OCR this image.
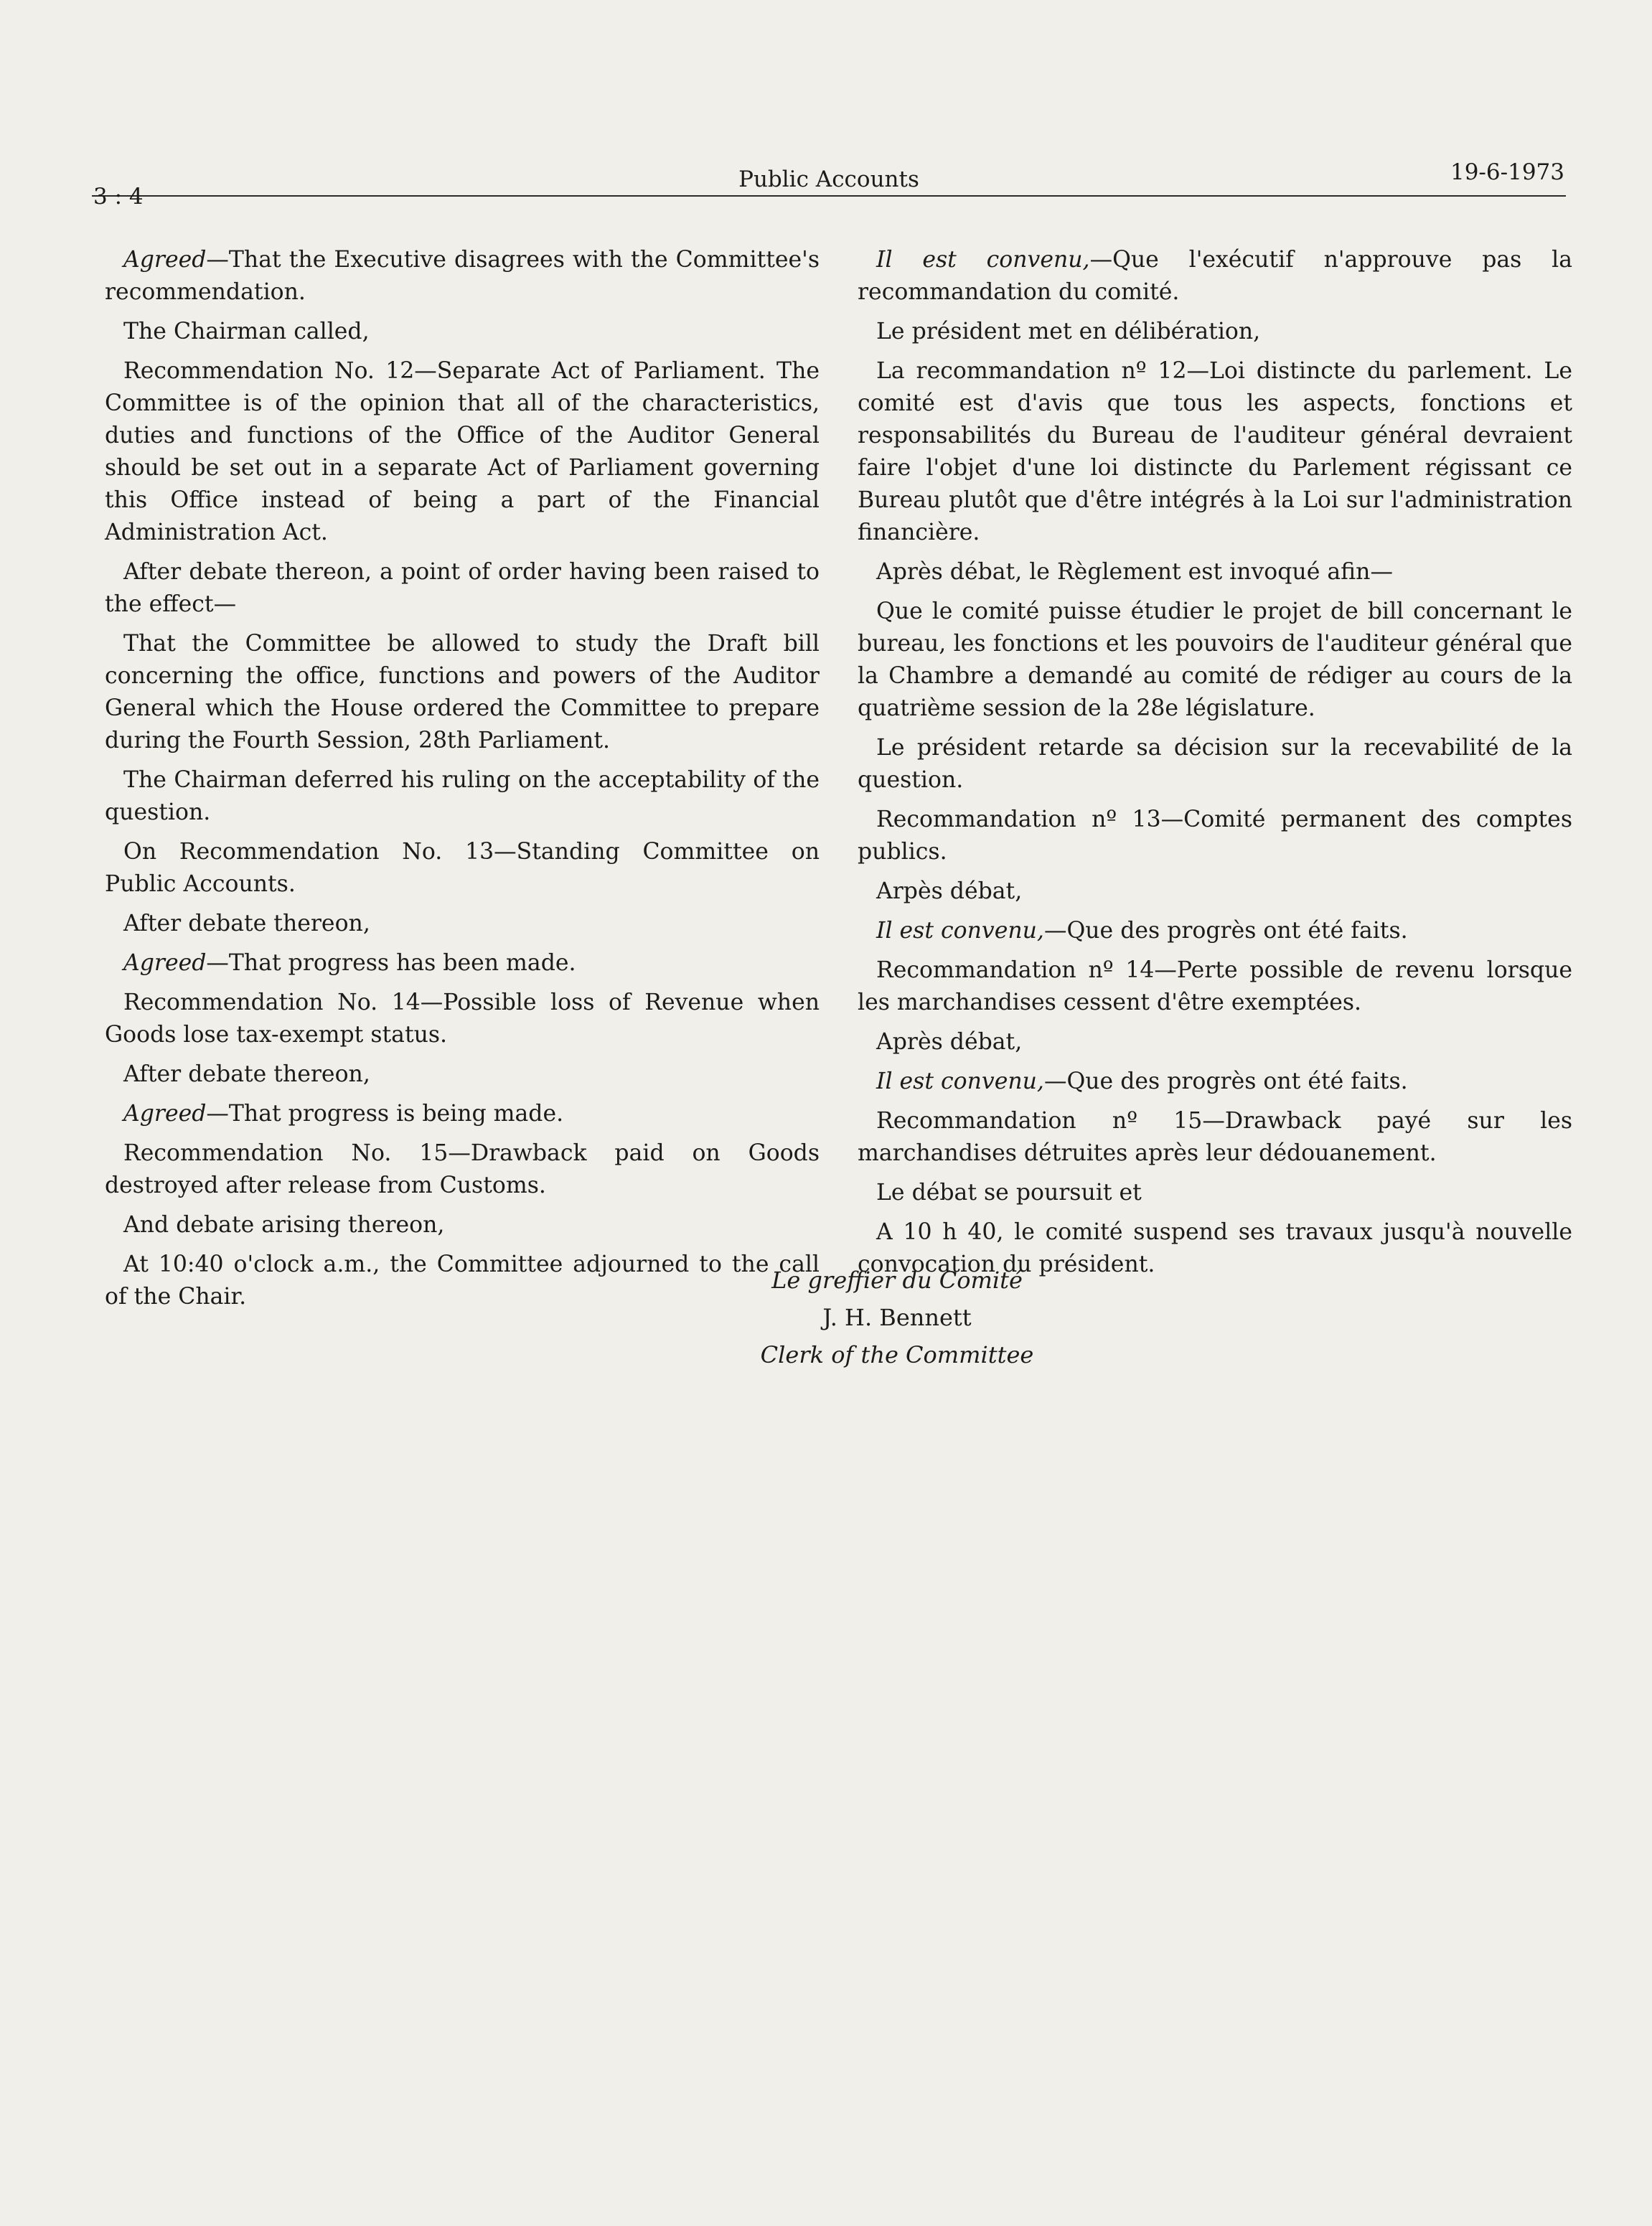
3 : 4
Public Accounts	19-6-1973

Agreed—That the Executive disagrees with the Committee's recommendation.

The Chairman called,

Recommendation No. 12—Separate Act of Parliament. The Committee is of the opinion that all of the characteristics, duties and functions of the Office of the Auditor General should be set out in a separate Act of Parliament governing this Office instead of being a part of the Financial Administration Act.

After debate thereon, a point of order having been raised to the effect—

That the Committee be allowed to study the Draft bill concerning the office, functions and powers of the Auditor General which the House ordered the Committee to prepare during the Fourth Session, 28th Parliament.

The Chairman deferred his ruling on the acceptability of the question.

On Recommendation No. 13—Standing Committee on Public Accounts.

After debate thereon,

Agreed—That progress has been made.

Recommendation No. 14—Possible loss of Revenue when Goods lose tax-exempt status.

After debate thereon,

Agreed—That progress is being made.

Recommendation No. 15—Drawback paid on Goods destroyed after release from Customs.

And debate arising thereon,

At 10:40 o'clock a.m., the Committee adjourned to the call of the Chair.

Il est convenu,—Que l'exécutif n'approuve pas la recommandation du comité.

Le président met en délibération,

La recommandation nº 12—Loi distincte du parlement. Le comité est d'avis que tous les aspects, fonctions et responsabilités du Bureau de l'auditeur général devraient faire l'objet d'une loi distincte du Parlement régissant ce Bureau plutôt que d'être intégrés à la Loi sur l'administration financière.

Après débat, le Règlement est invoqué afin—

Que le comité puisse étudier le projet de bill concernant le bureau, les fonctions et les pouvoirs de l'auditeur général que la Chambre a demandé au comité de rédiger au cours de la quatrième session de la 28e législature.

Le président retarde sa décision sur la recevabilité de la question.

Recommandation nº 13—Comité permanent des comptes publics.

Arpès débat,

Il est convenu,—Que des progrès ont été faits.

Recommandation nº 14—Perte possible de revenu lorsque les marchandises cessent d'être exemptées.

Après débat,

Il est convenu,—Que des progrès ont été faits.

Recommandation nº 15—Drawback payé sur les marchandises détruites après leur dédouanement.

Le débat se poursuit et

A 10 h 40, le comité suspend ses travaux jusqu'à nouvelle convocation du président.

Le greffier du Comité
J. H. Bennett
Clerk of the Committee
